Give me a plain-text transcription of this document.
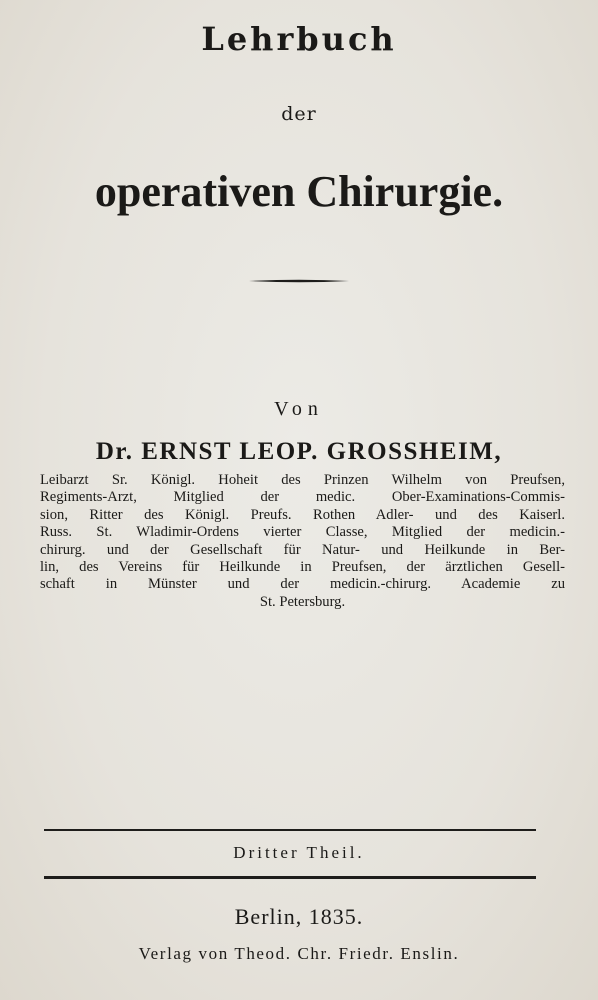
Lehrbuch

der

operativen Chirurgie.

Von

Dr. ERNST LEOP. GROSSHEIM,

Leibarzt Sr. Königl. Hoheit des Prinzen Wilhelm von Preufsen,
Regiments-Arzt, Mitglied der medic. Ober-Examinations-Commis-
sion, Ritter des Königl. Preufs. Rothen Adler- und des Kaiserl.
Russ. St. Wladimir-Ordens vierter Classe, Mitglied der medicin.-
chirurg. und der Gesellschaft für Natur- und Heilkunde in Ber-
lin, des Vereins für Heilkunde in Preufsen, der ärztlichen Gesell-
schaft in Münster und der medicin.-chirurg. Academie zu
St. Petersburg.

Dritter Theil.

Berlin, 1835.

Verlag von Theod. Chr. Friedr. Enslin.
